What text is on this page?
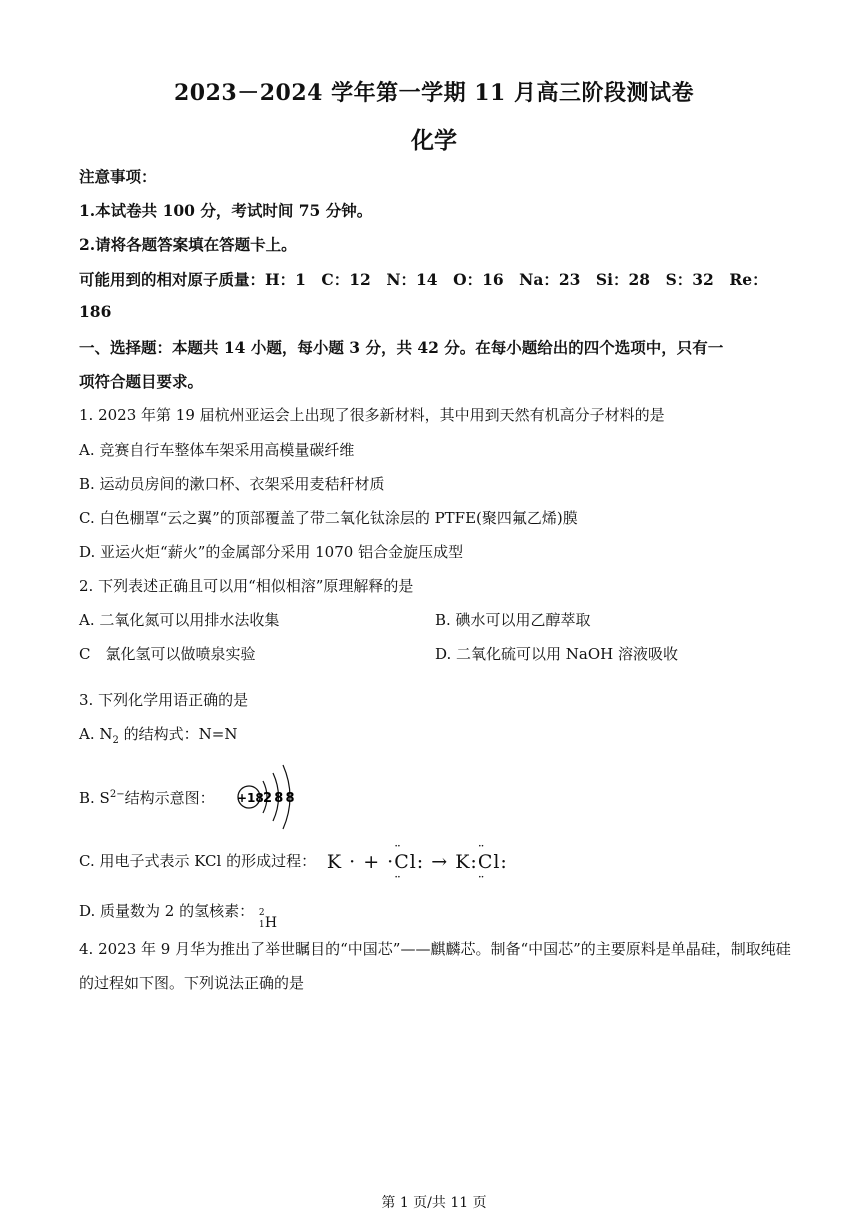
2023－2024 学年第一学期 11 月高三阶段测试卷
化学
注意事项：
1.本试卷共 100 分，考试时间 75 分钟。
2.请将各题答案填在答题卡上。
可能用到的相对原子质量：H：1　C：12　N：14　O：16　Na：23　Si：28　S：32　Re：
186
一、选择题：本题共 14 小题，每小题 3 分，共 42 分。在每小题给出的四个选项中，只有一
项符合题目要求。
1. 2023 年第 19 届杭州亚运会上出现了很多新材料，其中用到天然有机高分子材料的是
A. 竞赛自行车整体车架采用高模量碳纤维
B. 运动员房间的漱口杯、衣架采用麦秸秆材质
C. 白色棚罩“云之翼”的顶部覆盖了带二氧化钛涂层的 PTFE(聚四氟乙烯)膜
D. 亚运火炬“薪火”的金属部分采用 1070 铝合金旋压成型
2. 下列表述正确且可以用“相似相溶”原理解释的是
A. 二氧化氮可以用排水法收集	B. 碘水可以用乙醇萃取
C　氯化氢可以做喷泉实验	D. 二氧化硫可以用 NaOH 溶液吸收
3. 下列化学用语正确的是
A. $N_2$ 的结构式：N=N
B. $S^{2-}$结构示意图： +18 288
C. 用电子式表示 KCl 的形成过程： K · + ··· Cl: ·· → K:·· Cl: ··
D. 质量数为 2 的氢核素： 2
1 H
4. 2023 年 9 月华为推出了举世瞩目的“中国芯”——麒麟芯。制备“中国芯”的主要原料是单晶硅，制取纯硅
的过程如下图。下列说法正确的是
第 1 页/共 11 页
